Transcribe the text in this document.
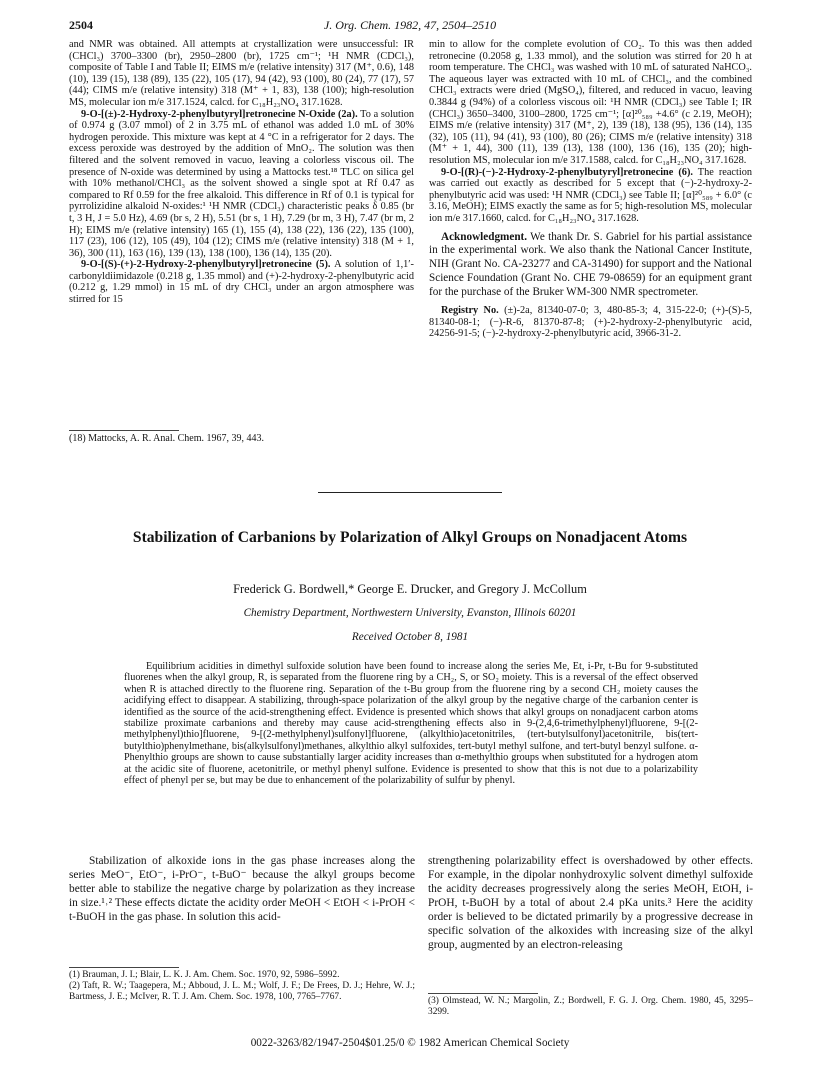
2504	J. Org. Chem. 1982, 47, 2504–2510

and NMR was obtained. All attempts at crystallization were unsuccessful: IR (CHCl₃) 3700–3300 (br), 2950–2800 (br), 1725 cm⁻¹; ¹H NMR (CDCl₃), composite of Table I and Table II; EIMS m/e (relative intensity) 317 (M⁺, 0.6), 148 (10), 139 (15), 138 (89), 135 (22), 105 (17), 94 (42), 93 (100), 80 (24), 77 (17), 57 (44); CIMS m/e (relative intensity) 318 (M⁺ + 1, 83), 138 (100); high-resolution MS, molecular ion m/e 317.1524, calcd. for C₁₈H₂₃NO₄ 317.1628.

9-O-[(±)-2-Hydroxy-2-phenylbutyryl]retronecine N-Oxide (2a). To a solution of 0.974 g (3.07 mmol) of 2 in 3.75 mL of ethanol was added 1.0 mL of 30% hydrogen peroxide. This mixture was kept at 4 °C in a refrigerator for 2 days. The excess peroxide was destroyed by the addition of MnO₂. The solution was then filtered and the solvent removed in vacuo, leaving a colorless viscous oil. The presence of N-oxide was determined by using a Mattocks test.¹⁸ TLC on silica gel with 10% methanol/CHCl₃ as the solvent showed a single spot at Rf 0.47 as compared to Rf 0.59 for the free alkaloid. This difference in Rf of 0.1 is typical for pyrrolizidine alkaloid N-oxides:¹ ¹H NMR (CDCl₃) characteristic peaks δ 0.85 (br t, 3 H, J = 5.0 Hz), 4.69 (br s, 2 H), 5.51 (br s, 1 H), 7.29 (br m, 3 H), 7.47 (br m, 2 H); EIMS m/e (relative intensity) 165 (1), 155 (4), 138 (22), 136 (22), 135 (100), 117 (23), 106 (12), 105 (49), 104 (12); CIMS m/e (relative intensity) 318 (M + 1, 36), 300 (11), 163 (16), 139 (13), 138 (100), 136 (14), 135 (20).

9-O-[(S)-(+)-2-Hydroxy-2-phenylbutyryl]retronecine (5). A solution of 1,1′-carbonyldiimidazole (0.218 g, 1.35 mmol) and (+)-2-hydroxy-2-phenylbutyric acid (0.212 g, 1.29 mmol) in 15 mL of dry CHCl₃ under an argon atmosphere was stirred for 15

min to allow for the complete evolution of CO₂. To this was then added retronecine (0.2058 g, 1.33 mmol), and the solution was stirred for 20 h at room temperature. The CHCl₃ was washed with 10 mL of saturated NaHCO₃. The aqueous layer was extracted with 10 mL of CHCl₃, and the combined CHCl₃ extracts were dried (MgSO₄), filtered, and reduced in vacuo, leaving 0.3844 g (94%) of a colorless viscous oil: ¹H NMR (CDCl₃) see Table I; IR (CHCl₃) 3650–3400, 3100–2800, 1725 cm⁻¹; [α]²⁰₅₈₉ +4.6° (c 2.19, MeOH); EIMS m/e (relative intensity) 317 (M⁺, 2), 139 (18), 138 (95), 136 (14), 135 (32), 105 (11), 94 (41), 93 (100), 80 (26); CIMS m/e (relative intensity) 318 (M⁺ + 1, 44), 300 (11), 139 (13), 138 (100), 136 (16), 135 (20); high-resolution MS, molecular ion m/e 317.1588, calcd. for C₁₈H₂₃NO₄ 317.1628.

9-O-[(R)-(−)-2-Hydroxy-2-phenylbutyryl]retronecine (6). The reaction was carried out exactly as described for 5 except that (−)-2-hydroxy-2-phenylbutyric acid was used: ¹H NMR (CDCl₃) see Table II; [α]²⁰₅₈₉ + 6.0° (c 3.16, MeOH); EIMS exactly the same as for 5; high-resolution MS, molecular ion m/e 317.1660, calcd. for C₁₈H₂₃NO₄ 317.1628.

Acknowledgment. We thank Dr. S. Gabriel for his partial assistance in the experimental work. We also thank the National Cancer Institute, NIH (Grant No. CA-23277 and CA-31490) for support and the National Science Foundation (Grant No. CHE 79-08659) for an equipment grant for the purchase of the Bruker WM-300 NMR spectrometer.

Registry No. (±)-2a, 81340-07-0; 3, 480-85-3; 4, 315-22-0; (+)-(S)-5, 81340-08-1; (−)-R-6, 81370-87-8; (+)-2-hydroxy-2-phenylbutyric acid, 24256-91-5; (−)-2-hydroxy-2-phenylbutyric acid, 3966-31-2.

(18) Mattocks, A. R. Anal. Chem. 1967, 39, 443.
Stabilization of Carbanions by Polarization of Alkyl Groups on Nonadjacent Atoms
Frederick G. Bordwell,* George E. Drucker, and Gregory J. McCollum
Chemistry Department, Northwestern University, Evanston, Illinois 60201
Received October 8, 1981
Equilibrium acidities in dimethyl sulfoxide solution have been found to increase along the series Me, Et, i-Pr, t-Bu for 9-substituted fluorenes when the alkyl group, R, is separated from the fluorene ring by a CH₂, S, or SO₂ moiety. This is a reversal of the effect observed when R is attached directly to the fluorene ring. Separation of the t-Bu group from the fluorene ring by a second CH₂ moiety causes the acidifying effect to disappear. A stabilizing, through-space polarization of the alkyl group by the negative charge of the carbanion center is identified as the source of the acid-strengthening effect. Evidence is presented which shows that alkyl groups on nonadjacent carbon atoms stabilize proximate carbanions and thereby may cause acid-strengthening effects also in 9-(2,4,6-trimethylphenyl)fluorene, 9-[(2-methylphenyl)thio]fluorene, 9-[(2-methylphenyl)sulfonyl]fluorene, (alkylthio)acetonitriles, (tert-butylsulfonyl)acetonitrile, bis(tert-butylthio)phenylmethane, bis(alkylsulfonyl)methanes, alkylthio alkyl sulfoxides, tert-butyl methyl sulfone, and tert-butyl benzyl sulfone. α-Phenylthio groups are shown to cause substantially larger acidity increases than α-methylthio groups when substituted for a hydrogen atom at the acidic site of fluorene, acetonitrile, or methyl phenyl sulfone. Evidence is presented to show that this is not due to a polarizability effect of phenyl per se, but may be due to enhancement of the polarizability of sulfur by phenyl.
Stabilization of alkoxide ions in the gas phase increases along the series MeO⁻, EtO⁻, i-PrO⁻, t-BuO⁻ because the alkyl groups become better able to stabilize the negative charge by polarization as they increase in size.¹˒² These effects dictate the acidity order MeOH < EtOH < i-PrOH < t-BuOH in the gas phase. In solution this acid-
strengthening polarizability effect is overshadowed by other effects. For example, in the dipolar nonhydroxylic solvent dimethyl sulfoxide the acidity decreases progressively along the series MeOH, EtOH, i-PrOH, t-BuOH by a total of about 2.4 pKa units.³ Here the acidity order is believed to be dictated primarily by a progressive decrease in specific solvation of the alkoxides with increasing size of the alkyl group, augmented by an electron-releasing
(1) Brauman, J. I.; Blair, L. K. J. Am. Chem. Soc. 1970, 92, 5986–5992.
(2) Taft, R. W.; Taagepera, M.; Abboud, J. L. M.; Wolf, J. F.; De Frees, D. J.; Hehre, W. J.; Bartmess, J. E.; McIver, R. T. J. Am. Chem. Soc. 1978, 100, 7765–7767.	(3) Olmstead, W. N.; Margolin, Z.; Bordwell, F. G. J. Org. Chem. 1980, 45, 3295–3299.
0022-3263/82/1947-2504$01.25/0 © 1982 American Chemical Society
